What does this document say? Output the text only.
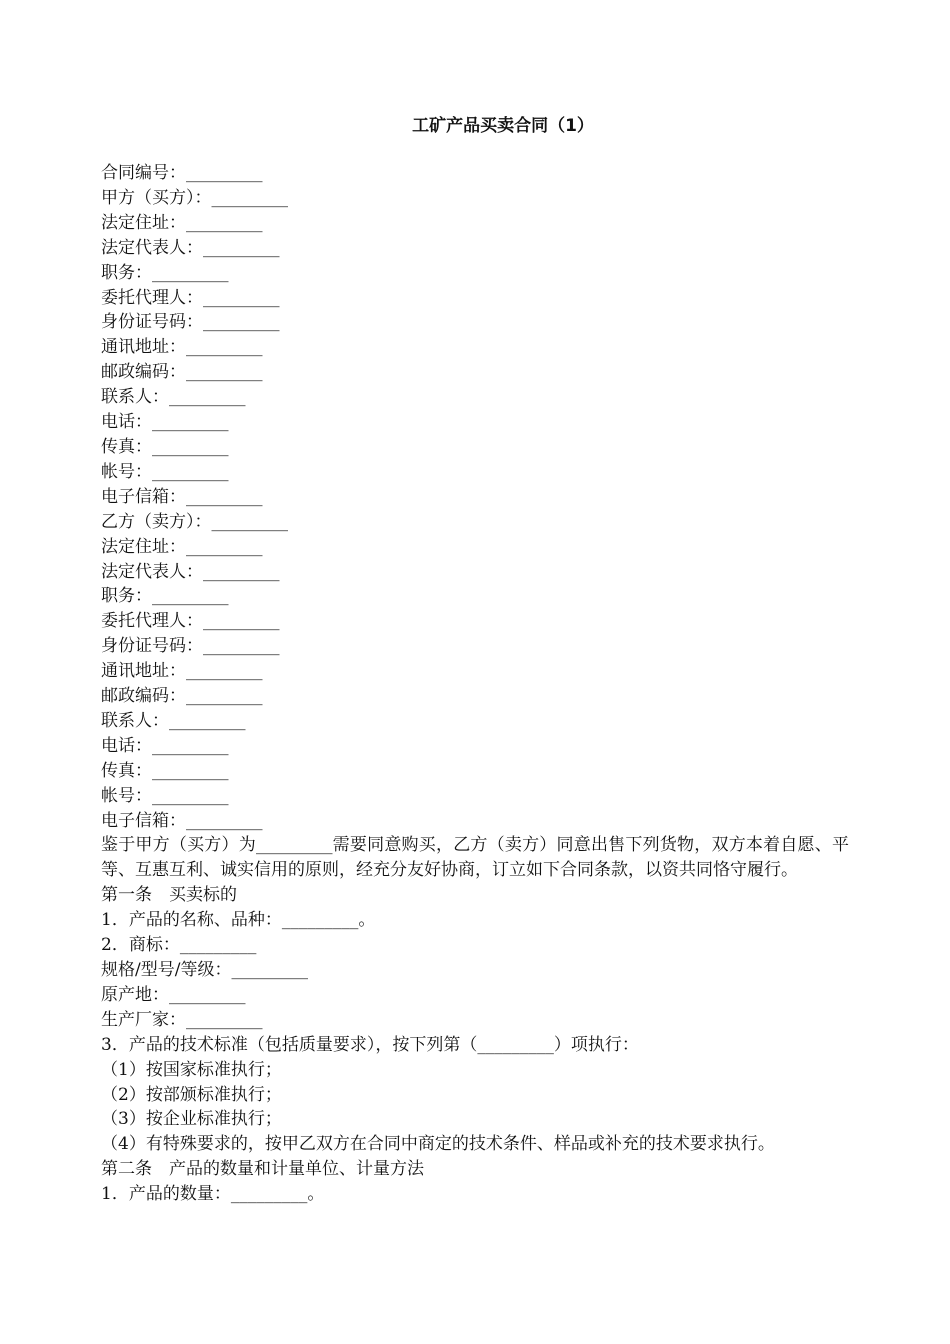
工矿产品买卖合同（1）
合同编号：_________
甲方（买方）：_________
法定住址：_________
法定代表人：_________
职务：_________
委托代理人：_________
身份证号码：_________
通讯地址：_________
邮政编码：_________
联系人：_________
电话：_________
传真：_________
帐号：_________
电子信箱：_________
乙方（卖方）：_________
法定住址：_________
法定代表人：_________
职务：_________
委托代理人：_________
身份证号码：_________
通讯地址：_________
邮政编码：_________
联系人：_________
电话：_________
传真：_________
帐号：_________
电子信箱：_________
鉴于甲方（买方）为_________需要同意购买，乙方（卖方）同意出售下列货物，双方本着自愿、平等、互惠互利、诚实信用的原则，经充分友好协商，订立如下合同条款，以资共同恪守履行。
第一条　买卖标的
1．产品的名称、品种：_________。
2．商标：_________
规格/型号/等级：_________
原产地：_________
生产厂家：_________
3．产品的技术标准（包括质量要求），按下列第（_________）项执行：
（1）按国家标准执行；
（2）按部颁标准执行；
（3）按企业标准执行；
（4）有特殊要求的，按甲乙双方在合同中商定的技术条件、样品或补充的技术要求执行。
第二条　产品的数量和计量单位、计量方法
1．产品的数量：_________。
